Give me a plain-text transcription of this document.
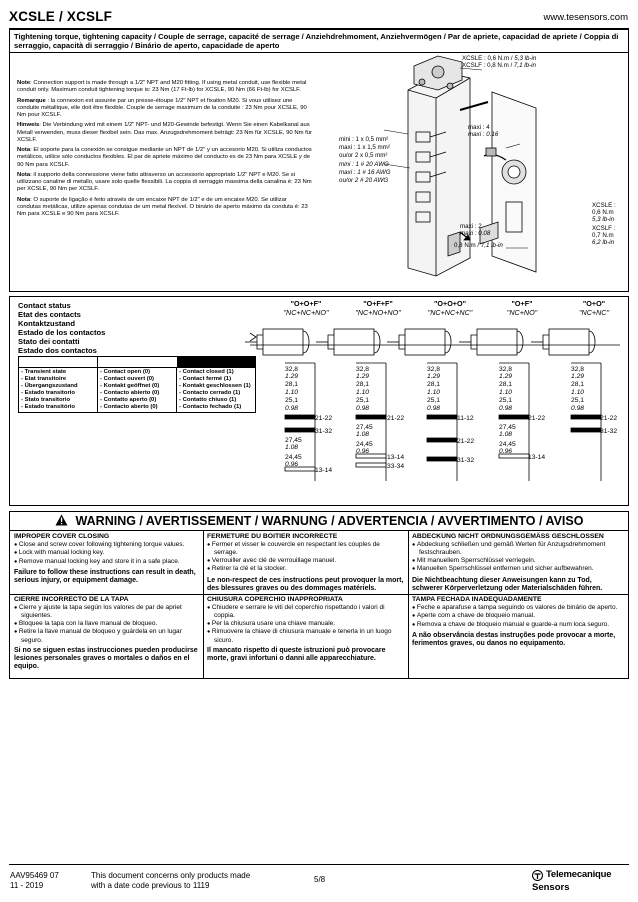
XCSLE / XCSLF	www.tesensors.com
Tightening torque, tightening capacity / Couple de serrage, capacité de serrage / Anziehdrehmoment, Anziehvermögen / Par de apriete, capacidad de apriete / Coppia di serraggio, capacità di serraggio / Binário de aperto, capacidade de aperto

Note: Connection support is made through a 1/2" NPT and M20 fitting. If using metal conduit, use flexible metal conduit only. Maximum conduit tightening torque is: 23 Nm (17 Ft-lb) for XCSLE, 90 Nm (66 Ft-lb) for XCSLF.

Remarque : la connexion est assurée par un presse-étoupe 1/2" NPT et fixation M20. Si vous utilisez une conduite métallique, elle doit être flexible. Couple de serrage maximum de la conduite : 23 Nm pour XCSLE, 90 Nm pour XCSLF.

Hinweis: Die Verbindung wird mit einem 1/2" NPT- und M20-Gewinde befestigt. Wenn Sie einen Kabelkanal aus Metall verwenden, muss dieser flexibel sein. Das max. Anzugsdrehmoment beträgt: 23 Nm für XCSLE, 90 Nm für XCSLF.

Nota: El soporte para la conexión se consigue mediante un NPT de 1/2" y un accesorio M20. Si utiliza conductos metálicos, utilice sólo conductos flexibles. El par de apriete máximo del conducto es de 23 Nm para XCSLE y de 90 Nm para XCSLF.

Nota: il supporto della connessione viene fatto attraverso un accessorio appropriato 1/2" NPT e M20. Se si utilizzano canaline di metallo, usare solo quelle flessibili. La coppia di serraggio massima della canalina è: 23 Nm per XCSLE, 90 Nm per XCSLF.

Nota: O suporte de ligação é feito através de um encaixe NPT de 1/2" e de um encaixe M20. Se utilizar condutas metálicas, utilize apenas condutas de um metal flexível. O binário de aperto máximo da conduta é: 23 Nm para XCSLE e 90 Nm para XCSLF.

XCSLE : 0,6 N.m / 5,3 lb-in
XCSLF : 0,8 N.m / 7,1 lb-in
mini : 1 x 0,5 mm²
maxi : 1 x 1,5 mm²
ou/or 2 x 0,5 mm²
mini : 1 # 20 AWG
maxi : 1 # 16 AWG
ou/or 2 # 20 AWG
maxi : 4
maxi : 0.16
maxi : 2
maxi : 0.08
0,8 N.m / 7,1 lb-in
XCSLE :
0,6 N.m
5,3 lb-in
XCSLF :
0,7 N.m
6,2 lb-in
Contact status
Etat des contacts
Kontaktzustand
Estado de los contactos
Stato dei contatti
Estado dos contactos
- Transient state
- Etat transitoire
- Übergangszustand
- Estado transitorio
- Stato transitorio
- Estado transitório
- Contact open (0)
- Contact ouvert (0)
- Kontakt geöffnet (0)
- Contacto abierto (0)
- Contatto aperto (0)
- Contacto aberto (0)
- Contact closed (1)
- Contact fermé (1)
- Kontakt geschlossen (1)
- Contacto cerrado (1)
- Contatto chiuso (1)
- Contacto fechado (1)
"O+O+F"
"NC+NC+NO"
32,8
1.29
28,1
1.10
25,1
0.98
21-22
31-32
27,45
1.08
24,45
0.96
13-14
"O+F+F"
"NC+NO+NO"
32,8
1.29
28,1
1.10
25,1
0.98
21-22
27,45
1.08
24,45
0.96
13-14
33-34
"O+O+O"
"NC+NC+NC"
32,8
1.29
28,1
1.10
25,1
0.98
11-12
21-22
31-32
"O+F"
"NC+NO"
32,8
1.29
28,1
1.10
25,1
0.98
21-22
27,45
1.08
24,45
0.96
13-14
"O+O"
"NC+NC"
32,8
1.29
28,1
1.10
25,1
0.98
21-22
31-32
WARNING / AVERTISSEMENT / WARNUNG / ADVERTENCIA / AVVERTIMENTO / AVISO
IMPROPER COVER CLOSING
● Close and screw cover following tightening torque values.
● Lock with manual locking key.
● Remove manual locking key and store it in a safe place.
Failure to follow these instructions can result in death, serious injury, or equipment damage.
FERMETURE DU BOITIER INCORRECTE
● Fermer et visser le couvercle en respectant les couples de serrage.
● Verrouiller avec clé de verrouillage manuel.
● Retirer la clé et la stocker.
Le non-respect de ces instructions peut provoquer la mort, des blessures graves ou des dommages matériels.
ABDECKUNG NICHT ORDNUNGSGEMÄSS GESCHLOSSEN
● Abdeckung schließen und gemäß Werten für Anzugsdrehmoment festschrauben.
● Mit manuellem Sperrschlüssel verriegeln.
● Manuellen Sperrschlüssel entfernen und sicher aufbewahren.
Die Nichtbeachtung dieser Anweisungen kann zu Tod, schwerer Körperverletzung oder Materialschäden führen.
CIERRE INCORRECTO DE LA TAPA
● Cierre y ajuste la tapa según los valores de par de apriet siguientes.
● Bloquee la tapa con la llave manual de bloqueo.
● Retire la llave manual de bloqueo y guárdela en un lugar seguro.
Si no se siguen estas instrucciones pueden producirse lesiones personales graves o mortales o daños en el equipo.
CHIUSURA COPERCHIO INAPPROPRIATA
● Chiudere e serrare le viti del coperchio rispettando i valori di coppia.
● Per la chiusura usare una chiave manuale.
● Rimuovere la chiave di chiusura manuale e tenerla in un luogo sicuro.
Il mancato rispetto di queste istruzioni può provocare morte, gravi infortuni o danni alle apparecchiature.
TAMPA FECHADA INADEQUADAMENTE
● Feche e aparafuse a tampa seguindo os valores de binário de aperto.
● Aperte com a chave de bloqueio manual.
● Remova a chave de bloqueio manual e guarde-a num loca seguro.
A não observância destas instruções pode provocar a morte, ferimentos graves, ou danos no equipamento.
AAV95469 07
11 - 2019
This document concerns only products made
with a date code previous to 1119
5/8	Telemecanique
Sensors
